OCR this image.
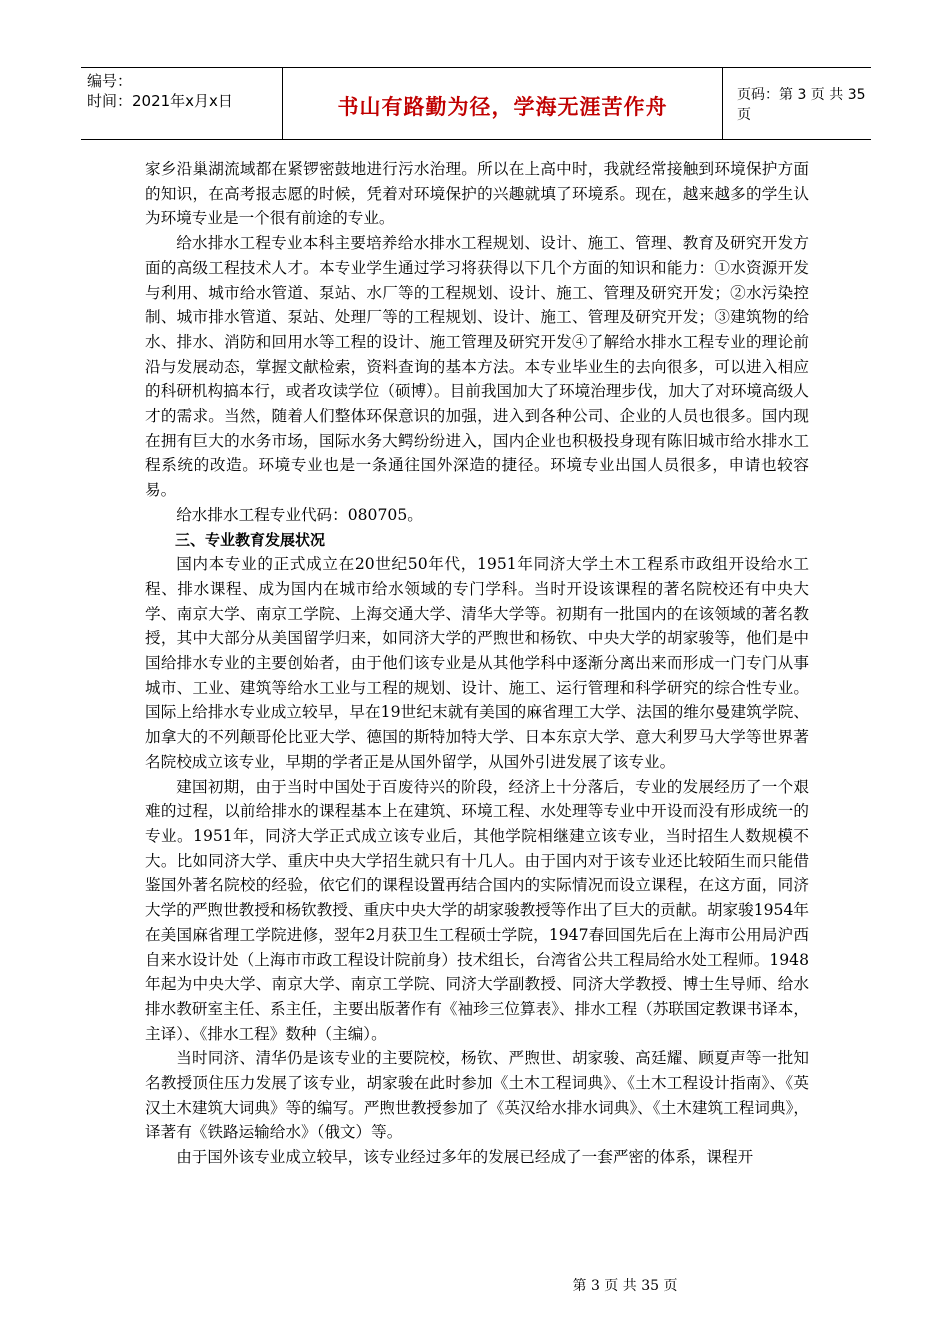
编号：
时间：2021年x月x日	书山有路勤为径，学海无涯苦作舟	页码：第 3 页 共 35 页

家乡沿巢湖流域都在紧锣密鼓地进行污水治理。所以在上高中时，我就经常接触到环境保护方面的知识，在高考报志愿的时候，凭着对环境保护的兴趣就填了环境系。现在，越来越多的学生认为环境专业是一个很有前途的专业。

给水排水工程专业本科主要培养给水排水工程规划、设计、施工、管理、教育及研究开发方面的高级工程技术人才。本专业学生通过学习将获得以下几个方面的知识和能力：①水资源开发与利用、城市给水管道、泵站、水厂等的工程规划、设计、施工、管理及研究开发；②水污染控制、城市排水管道、泵站、处理厂等的工程规划、设计、施工、管理及研究开发；③建筑物的给水、排水、消防和回用水等工程的设计、施工管理及研究开发④了解给水排水工程专业的理论前沿与发展动态，掌握文献检索，资料查询的基本方法。本专业毕业生的去向很多，可以进入相应的科研机构搞本行，或者攻读学位（硕博）。目前我国加大了环境治理步伐，加大了对环境高级人才的需求。当然，随着人们整体环保意识的加强，进入到各种公司、企业的人员也很多。国内现在拥有巨大的水务市场，国际水务大鳄纷纷进入，国内企业也积极投身现有陈旧城市给水排水工程系统的改造。环境专业也是一条通往国外深造的捷径。环境专业出国人员很多，申请也较容易。

给水排水工程专业代码：080705。

三、专业教育发展状况

国内本专业的正式成立在20世纪50年代，1951年同济大学土木工程系市政组开设给水工程、排水课程、成为国内在城市给水领域的专门学科。当时开设该课程的著名院校还有中央大学、南京大学、南京工学院、上海交通大学、清华大学等。初期有一批国内的在该领域的著名教授，其中大部分从美国留学归来，如同济大学的严煦世和杨钦、中央大学的胡家骏等，他们是中国给排水专业的主要创始者，由于他们该专业是从其他学科中逐渐分离出来而形成一门专门从事城市、工业、建筑等给水工业与工程的规划、设计、施工、运行管理和科学研究的综合性专业。国际上给排水专业成立较早，早在19世纪末就有美国的麻省理工大学、法国的维尔曼建筑学院、加拿大的不列颠哥伦比亚大学、德国的斯特加特大学、日本东京大学、意大利罗马大学等世界著名院校成立该专业，早期的学者正是从国外留学，从国外引进发展了该专业。

建国初期，由于当时中国处于百废待兴的阶段，经济上十分落后，专业的发展经历了一个艰难的过程，以前给排水的课程基本上在建筑、环境工程、水处理等专业中开设而没有形成统一的专业。1951年，同济大学正式成立该专业后，其他学院相继建立该专业，当时招生人数规模不大。比如同济大学、重庆中央大学招生就只有十几人。由于国内对于该专业还比较陌生而只能借鉴国外著名院校的经验，依它们的课程设置再结合国内的实际情况而设立课程，在这方面，同济大学的严煦世教授和杨钦教授、重庆中央大学的胡家骏教授等作出了巨大的贡献。胡家骏1954年在美国麻省理工学院进修，翌年2月获卫生工程硕士学院，1947春回国先后在上海市公用局沪西自来水设计处（上海市市政工程设计院前身）技术组长，台湾省公共工程局给水处工程师。1948年起为中央大学、南京大学、南京工学院、同济大学副教授、同济大学教授、博士生导师、给水排水教研室主任、系主任，主要出版著作有《袖珍三位算表》、排水工程（苏联国定教课书译本，主译）、《排水工程》数种（主编）。

当时同济、清华仍是该专业的主要院校，杨钦、严煦世、胡家骏、高廷耀、顾夏声等一批知名教授顶住压力发展了该专业，胡家骏在此时参加《土木工程词典》、《土木工程设计指南》、《英汉土木建筑大词典》等的编写。严煦世教授参加了《英汉给水排水词典》、《土木建筑工程词典》，译著有《铁路运输给水》（俄文）等。

由于国外该专业成立较早，该专业经过多年的发展已经成了一套严密的体系，课程开

第 3 页 共 35 页
